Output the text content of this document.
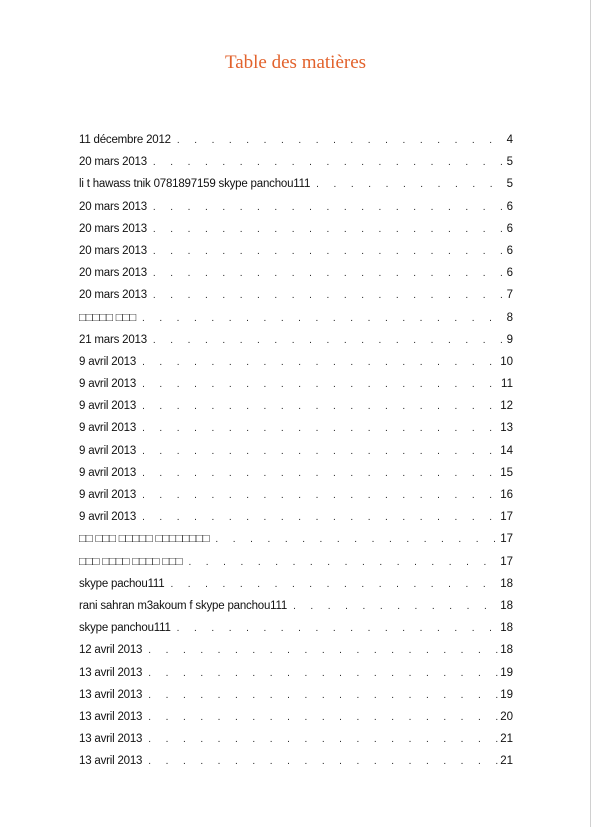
Table des matières
11 décembre 2012 . . .	4
20 mars 2013 . . .	5
li t hawass tnik 0781897159 skype panchou111 . . .	5
20 mars 2013 . . .	6
20 mars 2013 . . .	6
20 mars 2013 . . .	6
20 mars 2013 . . .	6
20 mars 2013 . . .	7
□□□□□ □□□ . . .	8
21 mars 2013 . . .	9
9 avril 2013 . . .	10
9 avril 2013 . . .	11
9 avril 2013 . . .	12
9 avril 2013 . . .	13
9 avril 2013 . . .	14
9 avril 2013 . . .	15
9 avril 2013 . . .	16
9 avril 2013 . . .	17
□□ □□□ □□□□□ □□□□□□□□ . . .	17
□□□ □□□□ □□□□ □□□ . . .	17
skype pachou111 . . .	18
rani sahran m3akoum f skype panchou111 . . .	18
skype panchou111 . . .	18
12 avril 2013 . . .	18
13 avril 2013 . . .	19
13 avril 2013 . . .	19
13 avril 2013 . . .	20
13 avril 2013 . . .	21
13 avril 2013 . . .	21
